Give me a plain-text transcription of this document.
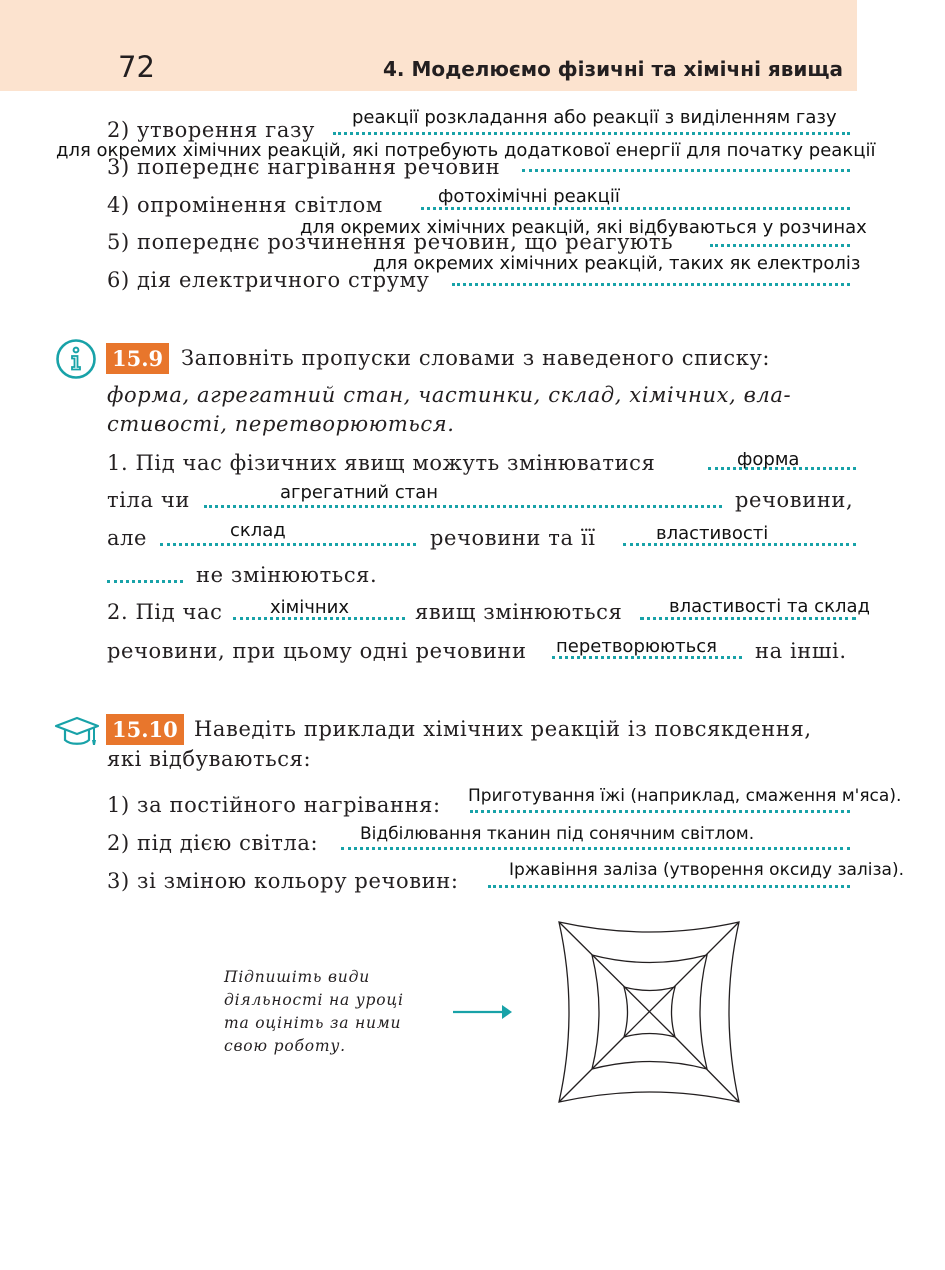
72	4. Моделюємо фізичні та хімічні явища
2) утворення газу
реакції розкладання або реакції з виділенням газу
3) попереднє нагрівання речовин
для окремих хімічних реакцій, які потребують додаткової енергії для початку реакції
4) опромінення світлом	фотохімічні реакції
5) попереднє розчинення речовин, що реагують
для окремих хімічних реакцій, які відбуваються у розчинах
6) дія електричного струму
для окремих хімічних реакцій, таких як електроліз
15.9 Заповніть пропуски словами з наведеного списку:
форма, агрегатний стан, частинки, склад, хімічних, вла-
стивості, перетворюються.
1. Під час фізичних явищ можуть змінюватися	форма
тіла чи	агрегатний стан	речовини,
але	склад	речовини та її	властивості
не змінюються.
2. Під час	хімічних	явищ змінюються	властивості та склад
речовини, при цьому одні речовини перетворюються на інші.
15.10 Наведіть приклади хімічних реакцій із повсякдення,
які відбуваються:
1) за постійного нагрівання: Приготування їжі (наприклад, смаження м'яса).
2) під дією світла: Відбілювання тканин під сонячним світлом.
3) зі зміною кольору речовин:	Іржавіння заліза (утворення оксиду заліза).
Підпишіть види
діяльності на уроці
та оцініть за ними
свою роботу.
